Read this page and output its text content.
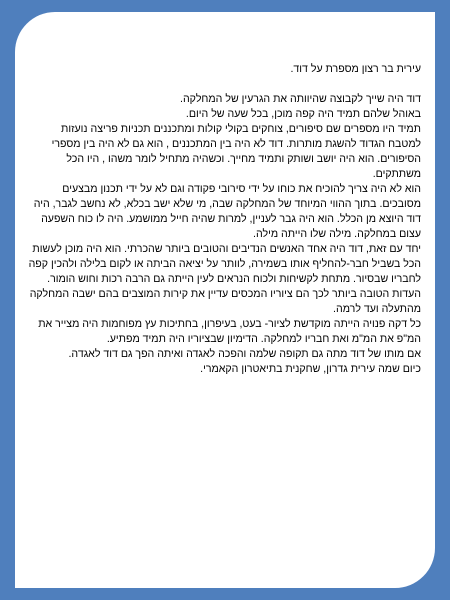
עירית בר רצון מספרת על דוד.

דוד היה שייך לקבוצה שהיוותה את הגרעין של המחלקה.

באוהל שלהם תמיד היה קפה מוכן, בכל שעה של היום.

תמיד היו מספרים שם סיפורים, צוחקים בקולי קולות ומתכננים תכניות פריצה נועזות למטבח הגדוד להשגת מותרות. דוד לא היה בין המתכננים , הוא גם לא היה בין מספרי הסיפורים. הוא היה יושב ושותק ותמיד מחייך. וכשהיה מתחיל לומר משהו , היו הכל משתתקים.

הוא לא היה צריך להוכיח את כוחו על ידי סירובי פקודה וגם לא על ידי תכנון מבצעים מסובכים. בתוך ההווי המיוחד של המחלקה שבה, מי שלא ישב בכלא, לא נחשב לגבר, היה דוד היוצא מן הכלל. הוא היה גבר לעניין, למרות שהיה חייל ממושמע. היה לו כוח השפעה עצום במחלקה. מילה שלו הייתה מילה.

יחד עם זאת, דוד היה אחד האנשים הנדיבים והטובים ביותר שהכרתי. הוא היה מוכן לעשות הכל בשביל חבר-להחליף אותו בשמירה, לוותר על יציאה הביתה או לקום בלילה ולהכין קפה לחבריו שבסיור. מתחת לקשיחות ולכוח הנראים לעין הייתה גם הרבה רכות וחוש הומור.

העדות הטובה ביותר לכך הם ציוריו המכסים עדיין את קירות המוצבים בהם ישבה המחלקה מהתעלה ועד לרמה.

כל דקה פנויה הייתה מוקדשת לציור- בעט, בעיפרון, בחתיכות עץ מפוחמות היה מצייר את המ"פ את המ"מ ואת חבריו למחלקה. הדימיון שבציוריו היה תמיד מפתיע.

אם מותו של דוד מתה גם תקופה שלמה והפכה לאגדה ואיתה הפך גם דוד לאגדה.

כיום שמה עירית גדרון, שחקנית בתיאטרון הקאמרי.
